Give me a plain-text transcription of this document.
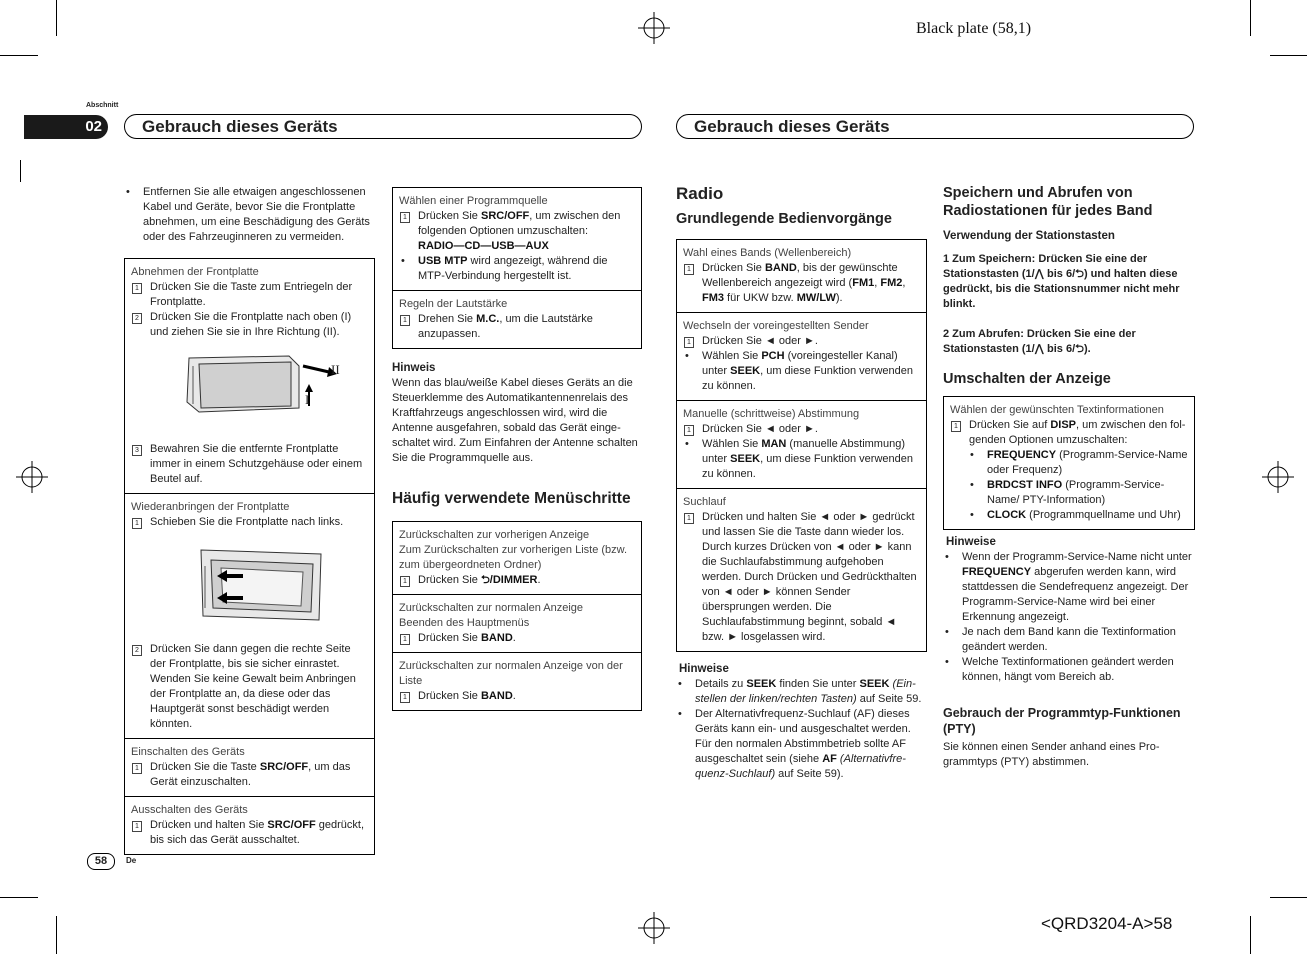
Black plate (58,1)
<QRD3204-A>58
Abschnitt
02	Gebrauch dieses Geräts	Gebrauch dieses Geräts
•
Entfernen Sie alle etwaigen angeschlossenen Kabel und Geräte, bevor Sie die Frontplatte abnehmen, um eine Beschädigung des Geräts oder des Fahrzeuginneren zu vermeiden.
Abnehmen der Frontplatte
1 Drücken Sie die Taste zum Entriegeln der Frontplatte.
2 Drücken Sie die Frontplatte nach oben (I) und ziehen Sie sie in Ihre Richtung (II).
II
I
3 Bewahren Sie die entfernte Frontplatte immer in einem Schutzgehäuse oder einem Beutel auf.
Wiederanbringen der Frontplatte
1 Schieben Sie die Frontplatte nach links.
2 Drücken Sie dann gegen die rechte Seite der Frontplatte, bis sie sicher einrastet.
Wenden Sie keine Gewalt beim Anbringen der Frontplatte an, da diese oder das Hauptgerät sonst beschädigt werden könnten.
Einschalten des Geräts
1 Drücken Sie die Taste SRC/OFF, um das Gerät einzuschalten.
Ausschalten des Geräts
1 Drücken und halten Sie SRC/OFF gedrückt, bis sich das Gerät ausschaltet.
Wählen einer Programmquelle
1 Drücken Sie SRC/OFF, um zwischen den folgenden Optionen umzuschalten:
RADIO—CD—USB—AUX
•
USB MTP wird angezeigt, während die MTP-Verbindung hergestellt ist.
Regeln der Lautstärke
1 Drehen Sie M.C., um die Lautstärke anzupassen.
Hinweis
Wenn das blau/weiße Kabel dieses Geräts an die Steuerklemme des Automatikantennenrelais des Kraftfahrzeugs angeschlossen wird, wird die Antenne ausgefahren, sobald das Gerät eingeschaltet wird. Zum Einfahren der Antenne schalten Sie die Programmquelle aus.
Häufig verwendete Menüschritte
Zurückschalten zur vorherigen Anzeige
Zum Zurückschalten zur vorherigen Liste (bzw. zum übergeordneten Ordner)
1 Drücken Sie ⮌/DIMMER.
Zurückschalten zur normalen Anzeige
Beenden des Hauptmenüs
1 Drücken Sie BAND.
Zurückschalten zur normalen Anzeige von der Liste
1 Drücken Sie BAND.
Radio
Grundlegende Bedienvorgänge
Wahl eines Bands (Wellenbereich)
1 Drücken Sie BAND, bis der gewünschte Wellenbereich angezeigt wird (FM1, FM2, FM3 für UKW bzw. MW/LW).
Wechseln der voreingestellten Sender
1 Drücken Sie ◄ oder ►.
•
Wählen Sie PCH (voreingesteller Kanal) unter SEEK, um diese Funktion verwenden zu können.
Manuelle (schrittweise) Abstimmung
1 Drücken Sie ◄ oder ►.
•
Wählen Sie MAN (manuelle Abstimmung) unter SEEK, um diese Funktion verwenden zu können.
Suchlauf
1 Drücken und halten Sie ◄ oder ► gedrückt und lassen Sie die Taste dann wieder los. Durch kurzes Drücken von ◄ oder ► kann die Suchlaufabstimmung aufgehoben werden. Durch Drücken und Gedrückthalten von ◄ oder ► können Sender übersprungen werden. Die Suchlaufabstimmung beginnt, sobald ◄ bzw. ► losgelassen wird.
Hinweise
•
Details zu SEEK finden Sie unter SEEK (Einstellen der linken/rechten Tasten) auf Seite 59.
•
Der Alternativfrequenz-Suchlauf (AF) dieses Geräts kann ein- und ausgeschaltet werden. Für den normalen Abstimmbetrieb sollte AF ausgeschaltet sein (siehe AF (Alternativfrequenz-Suchlauf) auf Seite 59).
Speichern und Abrufen von Radiostationen für jedes Band
Verwendung der Stationstasten
1 Zum Speichern: Drücken Sie eine der Stationstasten (1/⋀ bis 6/⮌) und halten diese gedrückt, bis die Stationsnummer nicht mehr blinkt.
2 Zum Abrufen: Drücken Sie eine der Stationstasten (1/⋀ bis 6/⮌).
Umschalten der Anzeige
Wählen der gewünschten Textinformationen
1 Drücken Sie auf DISP, um zwischen den folgenden Optionen umzuschalten:
•
FREQUENCY (Programm-Service-Name oder Frequenz)
•
BRDCST INFO (Programm-Service-Name/ PTY-Information)
•
CLOCK (Programmquellname und Uhr)
Hinweise
•
Wenn der Programm-Service-Name nicht unter FREQUENCY abgerufen werden kann, wird stattdessen die Sendefrequenz angezeigt. Der Programm-Service-Name wird bei einer Erkennung angezeigt.
•
Je nach dem Band kann die Textinformation geändert werden.
•
Welche Textinformationen geändert werden können, hängt vom Bereich ab.
Gebrauch der Programmtyp-Funktionen (PTY)
Sie können einen Sender anhand eines Programmtyps (PTY) abstimmen.
58	De
